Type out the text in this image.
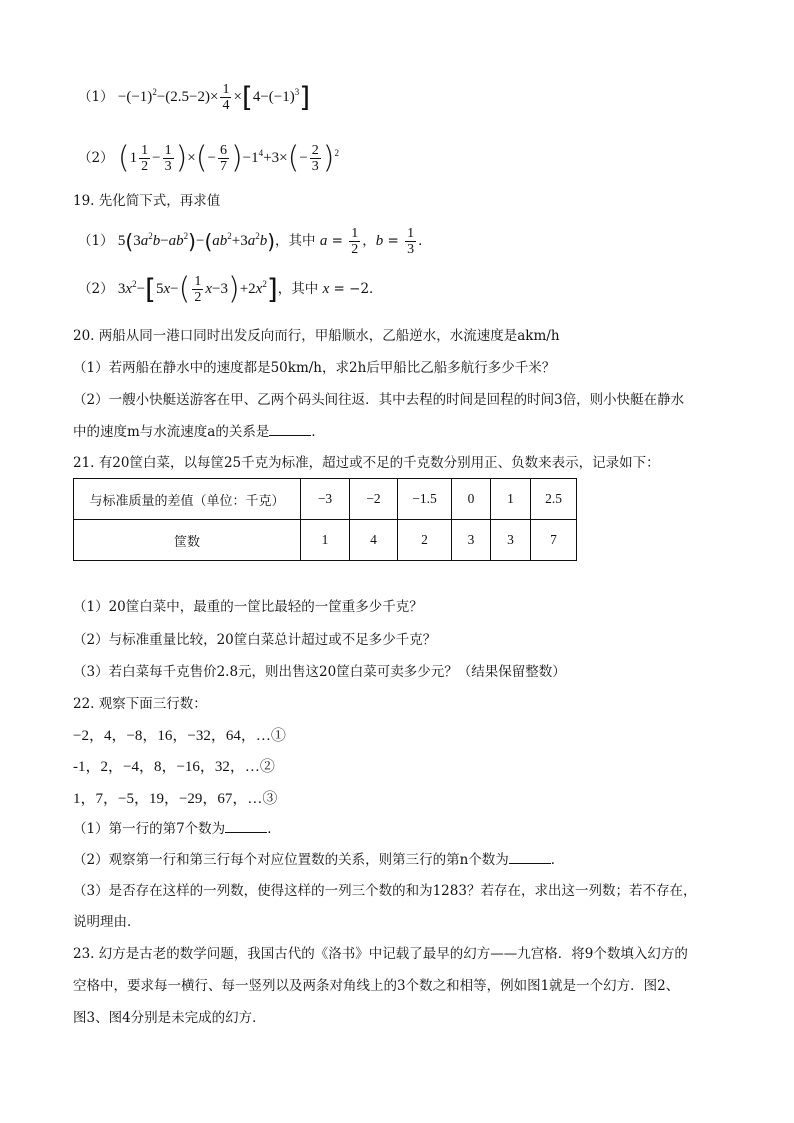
$(1) -(-1)^2-(2.5-2)\times \frac{1}{4} \times[4-(-1)^3]$
（2） ($1 \frac{1}{2} - \frac{1}{3}$ )×(− $\frac{6}{7} )-1^4+3\times(- \frac{2}{3} )^2$
19. 先化简下式，再求值
（1） $5(3a^2b-ab^2)-(ab^2+3a^2b)$，其中 $a = \frac{1}{2}$ ，$b = \frac{1}{3}$ ．
（2） $3x^2-[5x-( \frac{1}{2} x-3)+2x^2]$，其中 x = −2．
20. 两船从同一港口同时出发反向而行，甲船顺水，乙船逆水，水流速度是akm/h
（1）若两船在静水中的速度都是50km/h，求2h后甲船比乙船多航行多少千米？
（2）一艘小快艇送游客在甲、乙两个码头间往返．其中去程的时间是回程的时间3倍，则小快艇在静水
中的速度m与水流速度a的关系是	．
21. 有20筐白菜，以每筐25千克为标准，超过或不足的千克数分别用正、负数来表示，记录如下：
与标准质量的差值（单位：千克）	−3	−2	−1.5	0	1	2.5
筐数	1	4	2	3	3	7
（1）20筐白菜中，最重的一筐比最轻的一筐重多少千克？
（2）与标准重量比较，20筐白菜总计超过或不足多少千克？
（3）若白菜每千克售价2.8元，则出售这20筐白菜可卖多少元？（结果保留整数）
22. 观察下面三行数：
−2，4，−8，16，−32，64，…①
-1，2，−4，8，−16，32，…②
1，7，−5，19，−29，67，…③
（1）第一行的第7个数为	．
（2）观察第一行和第三行每个对应位置数的关系，则第三行的第n个数为	．
（3）是否存在这样的一列数，使得这样的一列三个数的和为1283？若存在，求出这一列数；若不存在，
说明理由．
23. 幻方是古老的数学问题，我国古代的《洛书》中记载了最早的幻方——九宫格．将9个数填入幻方的
空格中，要求每一横行、每一竖列以及两条对角线上的3个数之和相等，例如图1就是一个幻方．图2、
图3、图4分别是未完成的幻方．
